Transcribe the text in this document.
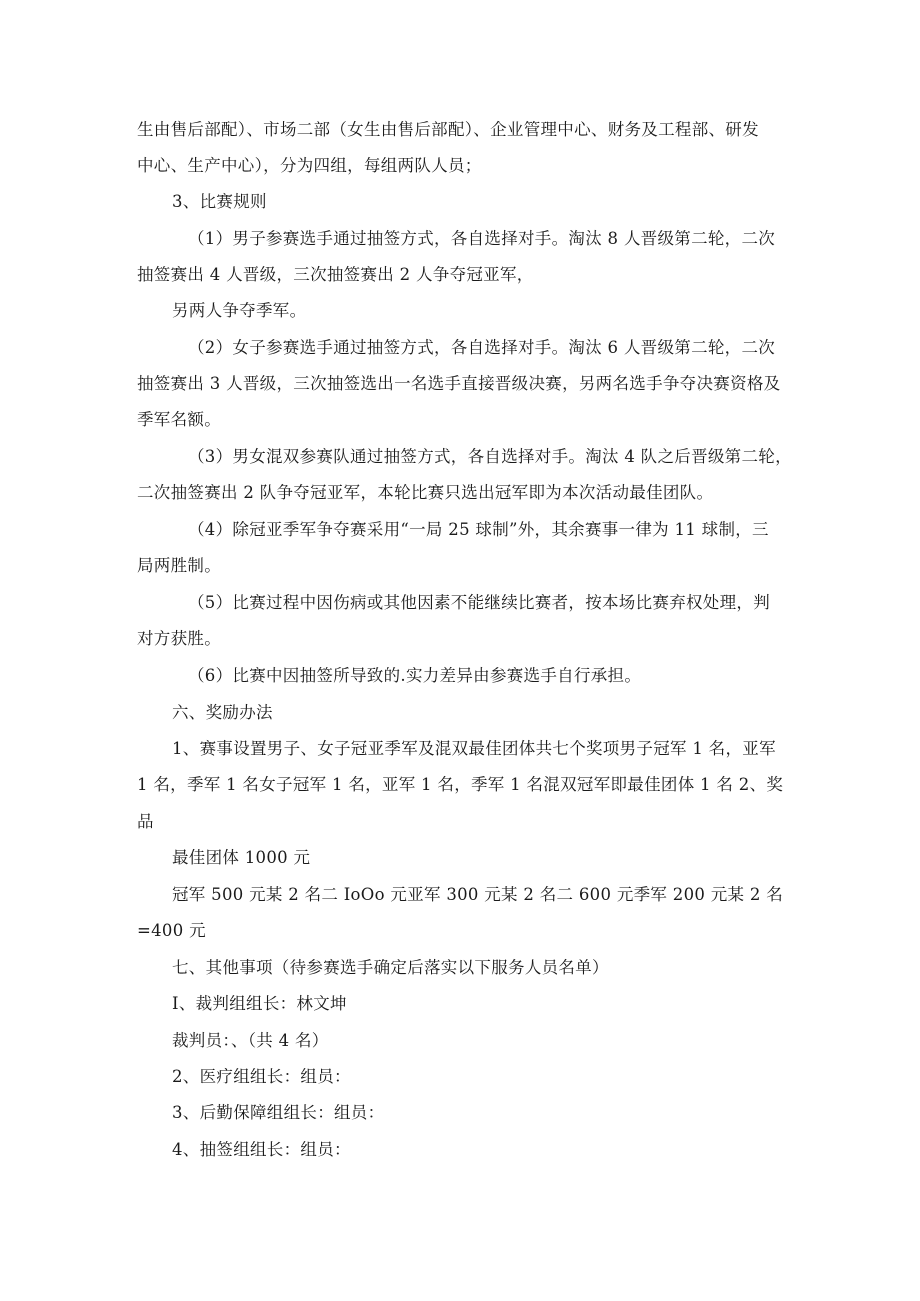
生由售后部配）、市场二部（女生由售后部配）、企业管理中心、财务及工程部、研发
中心、生产中心），分为四组，每组两队人员；
3、比赛规则
（1）男子参赛选手通过抽签方式，各自选择对手。淘汰 8 人晋级第二轮，二次
抽签赛出 4 人晋级，三次抽签赛出 2 人争夺冠亚军，
另两人争夺季军。
（2）女子参赛选手通过抽签方式，各自选择对手。淘汰 6 人晋级第二轮，二次
抽签赛出 3 人晋级，三次抽签选出一名选手直接晋级决赛，另两名选手争夺决赛资格及
季军名额。
（3）男女混双参赛队通过抽签方式，各自选择对手。淘汰 4 队之后晋级第二轮，
二次抽签赛出 2 队争夺冠亚军，本轮比赛只选出冠军即为本次活动最佳团队。
（4）除冠亚季军争夺赛采用“一局 25 球制”外，其余赛事一律为 11 球制，三
局两胜制。
（5）比赛过程中因伤病或其他因素不能继续比赛者，按本场比赛弃权处理，判
对方获胜。
（6）比赛中因抽签所导致的.实力差异由参赛选手自行承担。
六、奖励办法
1、赛事设置男子、女子冠亚季军及混双最佳团体共七个奖项男子冠军 1 名，亚军
1 名，季军 1 名女子冠军 1 名，亚军 1 名，季军 1 名混双冠军即最佳团体 1 名 2、奖
品
最佳团体 1000 元
冠军 500 元某 2 名二 IoOo 元亚军 300 元某 2 名二 600 元季军 200 元某 2 名
=400 元
七、其他事项（待参赛选手确定后落实以下服务人员名单）
I、裁判组组长：林文坤
裁判员：、（共 4 名）
2、医疗组组长：组员：
3、后勤保障组组长：组员：
4、抽签组组长：组员：
